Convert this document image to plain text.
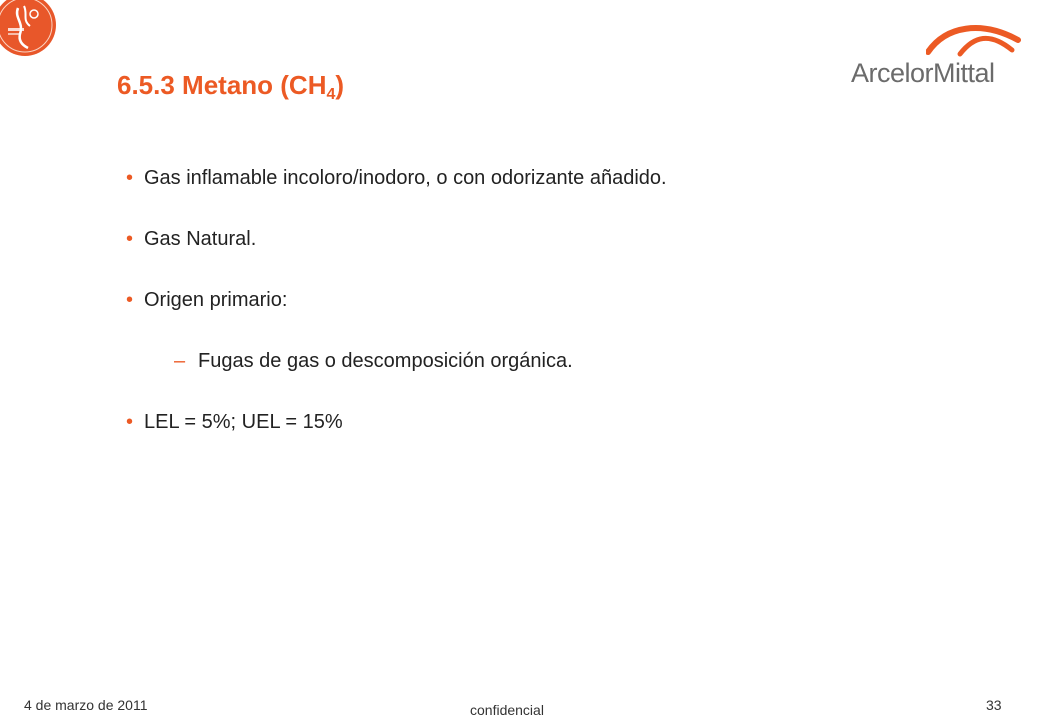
6.5.3 Metano $(CH_4)$	ArcelorMittal
• Gas inflamable incoloro/inodoro, o con odorizante añadido.
• Gas Natural.
• Origen primario:
– Fugas de gas o descomposición orgánica.
• LEL = 5%; UEL = 15%
4 de marzo de 2011	confidencial	33
